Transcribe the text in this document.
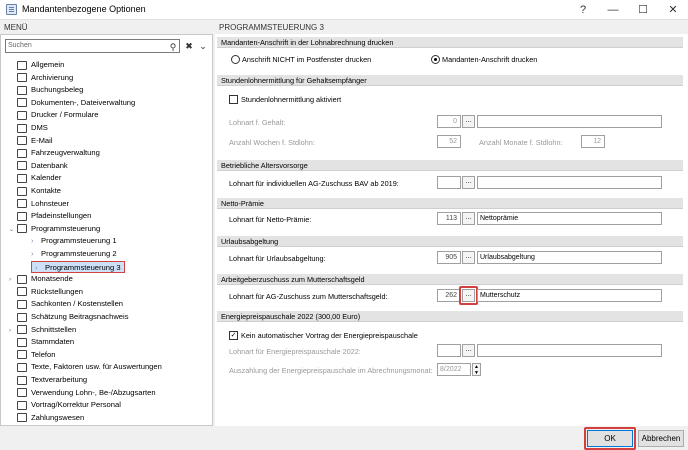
Mandantenbezogene Optionen	?	—	☐	✕
MENÜ	PROGRAMMSTEUERUNG 3
Suchen	⚲ ✖ ⌄
Allgemein
Archivierung
Buchungsbeleg
Dokumenten-, Dateiverwaltung
Drucker / Formulare
DMS
E-Mail
Fahrzeugverwaltung
Datenbank
Kalender
Kontakte
Lohnsteuer
Pfadeinstellungen
⌄ Programmsteuerung
› Programmsteuerung 1
› Programmsteuerung 2
› Programmsteuerung 3
›	Monatsende
Rückstellungen
Sachkonten / Kostenstellen
Schätzung Beitragsnachweis
›	Schnittstellen
Stammdaten
Telefon
Texte, Faktoren usw. für Auswertungen
Textverarbeitung
Verwendung Lohn-, Be-/Abzugsarten
Vortrag/Korrektur Personal
Zahlungswesen
Mandanten-Anschrift in der Lohnabrechnung drucken
Anschrift NICHT im Postfenster drucken	Mandanten-Anschrift drucken
Stundenlohnermittlung für Gehaltsempfänger
Stundenlohnermittlung aktiviert
Lohnart f. Gehalt:	0	...
Anzahl Wochen f. Stdlohn:	52	Anzahl Monate f. Stdlohn:	12
Betriebliche Altersvorsorge
Lohnart für individuellen AG-Zuschuss BAV ab 2019:	...
Netto-Prämie
Lohnart für Netto-Prämie:	113	...	Nettoprämie
Urlaubsabgeltung
Lohnart für Urlaubsabgeltung:	905	...	Urlaubsabgeltung
Arbeitgeberzuschuss zum Mutterschaftsgeld
Lohnart für AG-Zuschuss zum Mutterschaftsgeld:	262	...	Mutterschutz
Energiepreispauschale 2022 (300,00 Euro)
✓ Kein automatischer Vortrag der Energiepreispauschale
Lohnart für Energiepreispauschale 2022:	...
Auszahlung der Energiepreispauschale im Abrechnungsmonat:	8/2022	▲
▼
OK	Abbrechen
